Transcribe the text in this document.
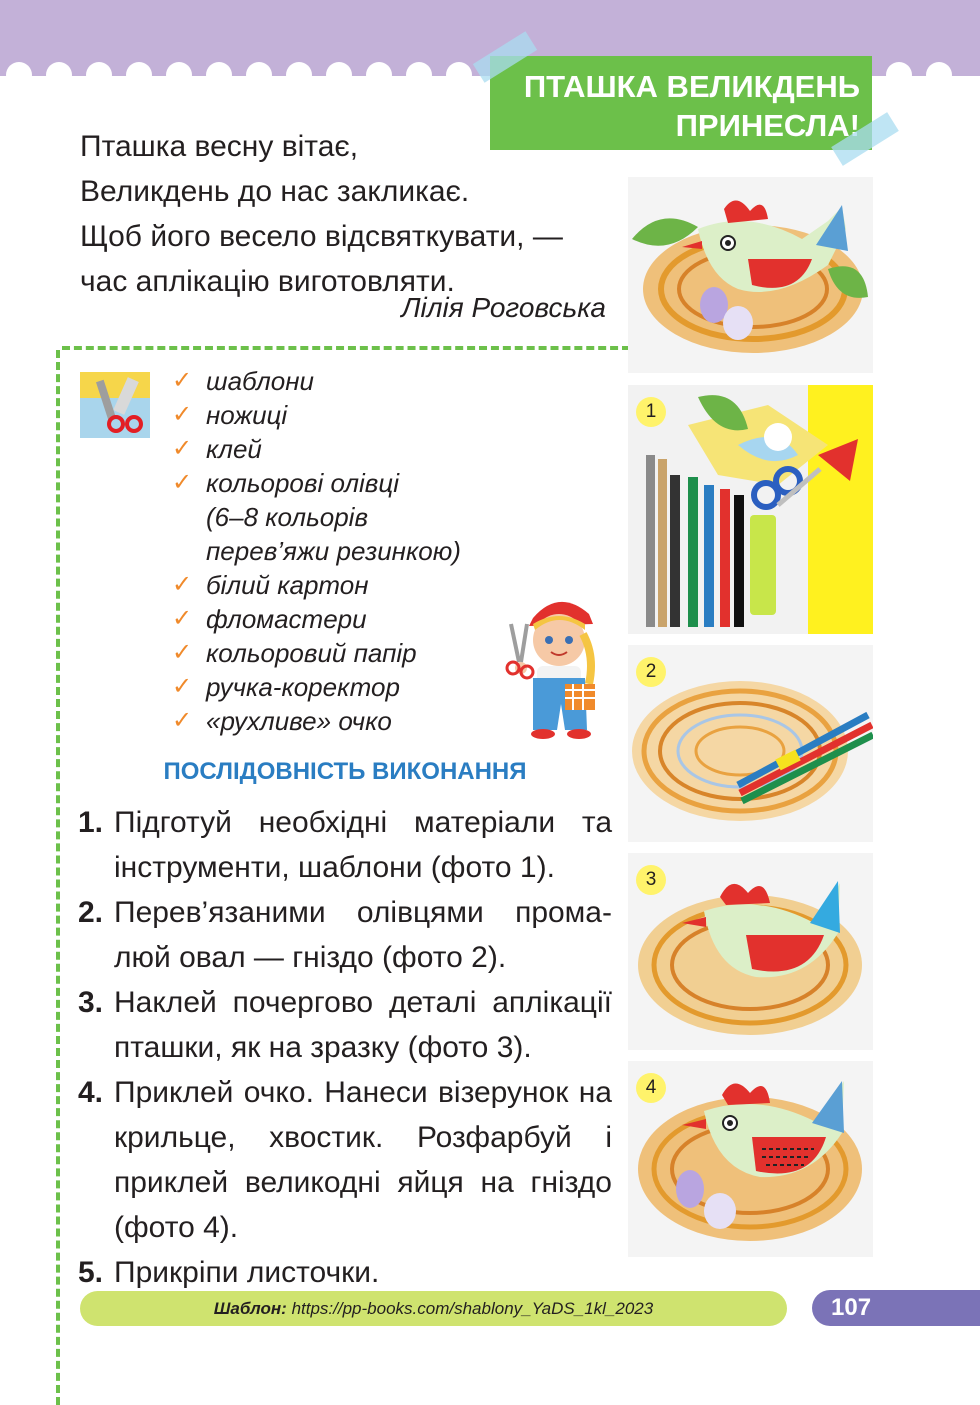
ПТАШКА ВЕЛИКДЕНЬ
ПРИНЕСЛА!
Пташка весну вітає,
Великдень до нас закликає.
Щоб його весело відсвяткувати, —
час аплікацію виготовляти.
Лілія Роговська
✓ шаблони
✓ ножиці
✓ клей
✓ кольорові олівці
(6–8 кольорів
перев’яжи резинкою)
✓ білий картон
✓ фломастери
✓ кольоровий папір
✓ ручка-коректор
✓ «рухливе» очко
ПОСЛІДОВНІСТЬ ВИКОНАННЯ
1. Підготуй необхідні матеріали та інструменти, шаблони (фото 1).
2. Перев’язаними олівцями промалюй овал — гніздо (фото 2).
3. Наклей почергово деталі аплікації пташки, як на зразку (фото 3).
4. Приклей очко. Нанеси візерунок на крильце, хвостик. Розфарбуй і приклей великодні яйця на гніздо (фото 4).
5. Прикріпи листочки.
1
2
3
4
Шаблон: https://pp-books.com/shablony_YaDS_1kl_2023	107
